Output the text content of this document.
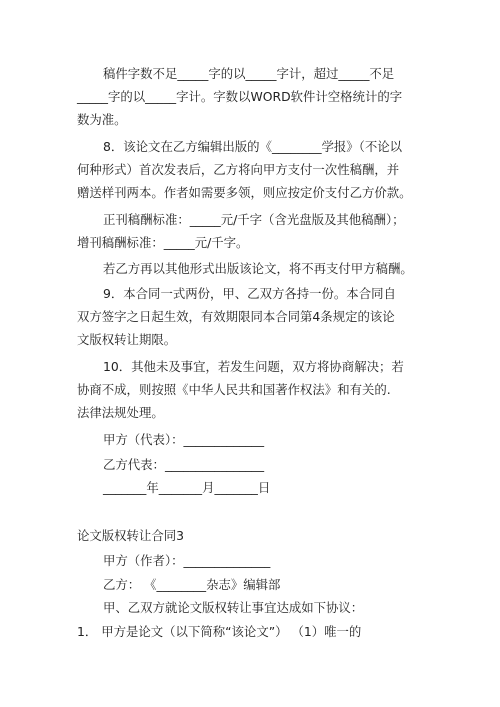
稿件字数不足_____字的以_____字计，超过_____不足

_____字的以_____字计。字数以WORD软件计空格统计的字

数为准。

8．该论文在乙方编辑出版的《________学报》（不论以

何种形式）首次发表后，乙方将向甲方支付一次性稿酬，并

赠送样刊两本。作者如需要多领，则应按定价支付乙方价款。

正刊稿酬标准：_____元/千字（含光盘版及其他稿酬）；

增刊稿酬标准：_____元/千字。

若乙方再以其他形式出版该论文，将不再支付甲方稿酬。

9．本合同一式两份，甲、乙双方各持一份。本合同自

双方签字之日起生效，有效期限同本合同第4条规定的该论

文版权转让期限。

10．其他未及事宜，若发生问题，双方将协商解决；若

协商不成，则按照《中华人民共和国著作权法》和有关的.

法律法规处理。

甲方（代表）：_____________

乙方代表：________________

_______年_______月_______日

论文版权转让合同3

甲方（作者）：______________

乙方： 《________杂志》编辑部

甲、乙双方就论文版权转让事宜达成如下协议：

1． 甲方是论文（以下简称“该论文”） （1）唯一的
